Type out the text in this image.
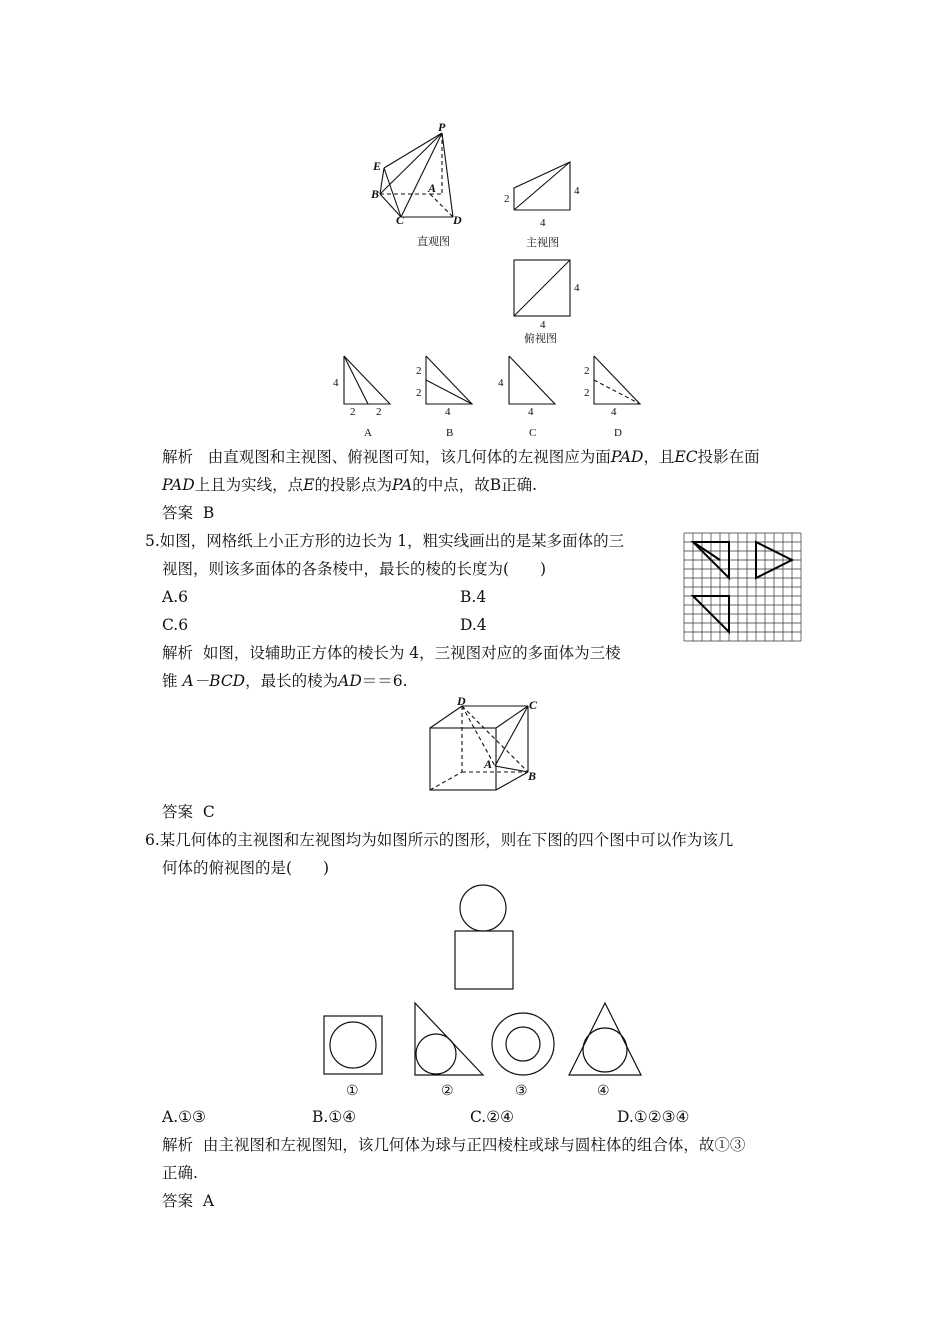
P
E
B	A
C	D
直观图
2
4
4
主视图
4
4
俯视图
4
2 2
A
2
2
4
B
4
4
C
2
2
4
D
解析 由直观图和主视图、俯视图可知，该几何体的左视图应为面PAD，且EC投影在面
PAD上且为实线，点E的投影点为PA的中点，故B正确.
答案 B
5.如图，网格纸上小正方形的边长为 1，粗实线画出的是某多面体的三
视图，则该多面体的各条棱中，最长的棱的长度为(　　)
A.6	B.4
C.6	D.4
解析 如图，设辅助正方体的棱长为 4，三视图对应的多面体为三棱
锥 A－BCD，最长的棱为AD＝＝6.
D	C
A
B
答案 C
6.某几何体的主视图和左视图均为如图所示的图形，则在下图的四个图中可以作为该几
何体的俯视图的是(　　)
①	②	③	④
A.①③	B.①④	C.②④	D.①②③④
解析 由主视图和左视图知，该几何体为球与正四棱柱或球与圆柱体的组合体，故①③
正确.
答案 A
